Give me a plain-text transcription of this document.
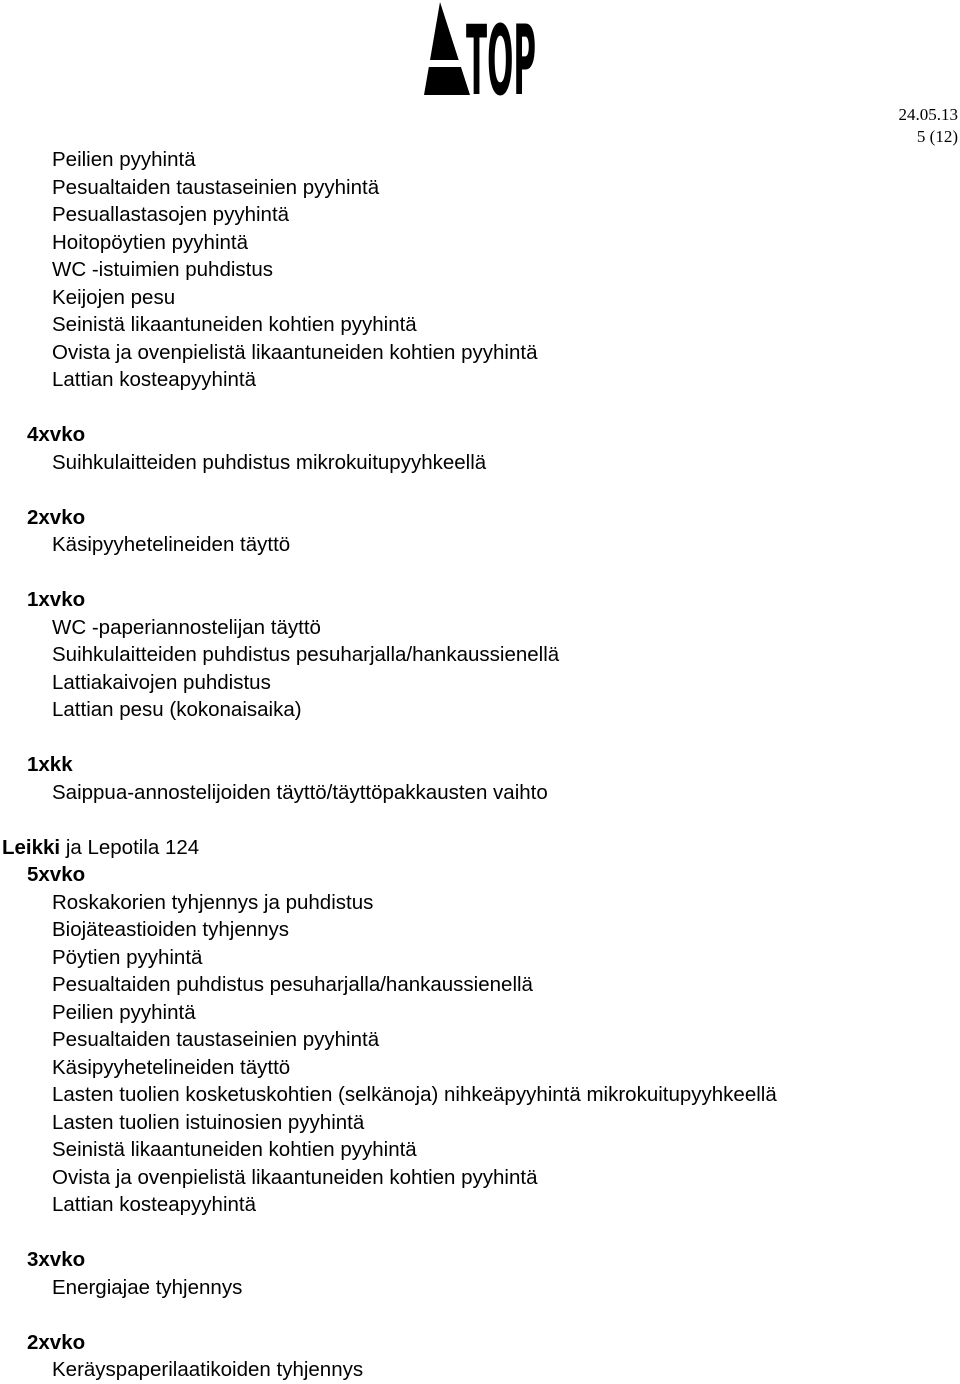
TOP	24.05.13
5 (12)
Peilien pyyhintä
Pesualtaiden taustaseinien pyyhintä
Pesuallastasojen pyyhintä
Hoitopöytien pyyhintä
WC -istuimien puhdistus
Keijojen pesu
Seinistä likaantuneiden kohtien pyyhintä
Ovista ja ovenpielistä likaantuneiden kohtien pyyhintä
Lattian kosteapyyhintä
4xvko
Suihkulaitteiden puhdistus mikrokuitupyyhkeellä
2xvko
Käsipyyhetelineiden täyttö
1xvko
WC -paperiannostelijan täyttö
Suihkulaitteiden puhdistus pesuharjalla/hankaussienellä
Lattiakaivojen puhdistus
Lattian pesu (kokonaisaika)
1xkk
Saippua-annostelijoiden täyttö/täyttöpakkausten vaihto
Leikki ja Lepotila 124
5xvko
Roskakorien tyhjennys ja puhdistus
Biojäteastioiden tyhjennys
Pöytien pyyhintä
Pesualtaiden puhdistus pesuharjalla/hankaussienellä
Peilien pyyhintä
Pesualtaiden taustaseinien pyyhintä
Käsipyyhetelineiden täyttö
Lasten tuolien kosketuskohtien (selkänoja) nihkeäpyyhintä mikrokuitupyyhkeellä
Lasten tuolien istuinosien pyyhintä
Seinistä likaantuneiden kohtien pyyhintä
Ovista ja ovenpielistä likaantuneiden kohtien pyyhintä
Lattian kosteapyyhintä
3xvko
Energiajae tyhjennys
2xvko
Keräyspaperilaatikoiden tyhjennys
